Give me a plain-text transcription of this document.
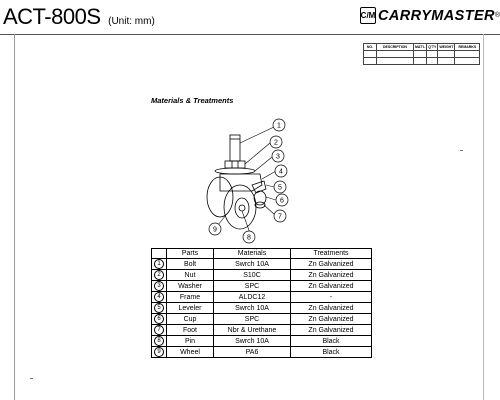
ACT-800S (Unit: mm)
C/M CARRYMASTER ®
NO.	DESCRIPTION	MAT'L	Q'TY	WEIGHT	REMARKS

Materials & Treatments
1
2
3
4
5
6
7
8
9
	Parts	Materials	Treatments
1	Bolt	Swrch 10A	Zn Galvanized
2	Nut	S10C	Zn Galvanized
3	Washer	SPC	Zn Galvanized
4	Frame	ALDC12	-
5	Leveler	Swrch 10A	Zn Galvanized
6	Cup	SPC	Zn Galvanized
7	Foot	Nbr & Urethane	Zn Galvanized
8	Pin	Swrch 10A	Black
9	Wheel	PA6	Black
